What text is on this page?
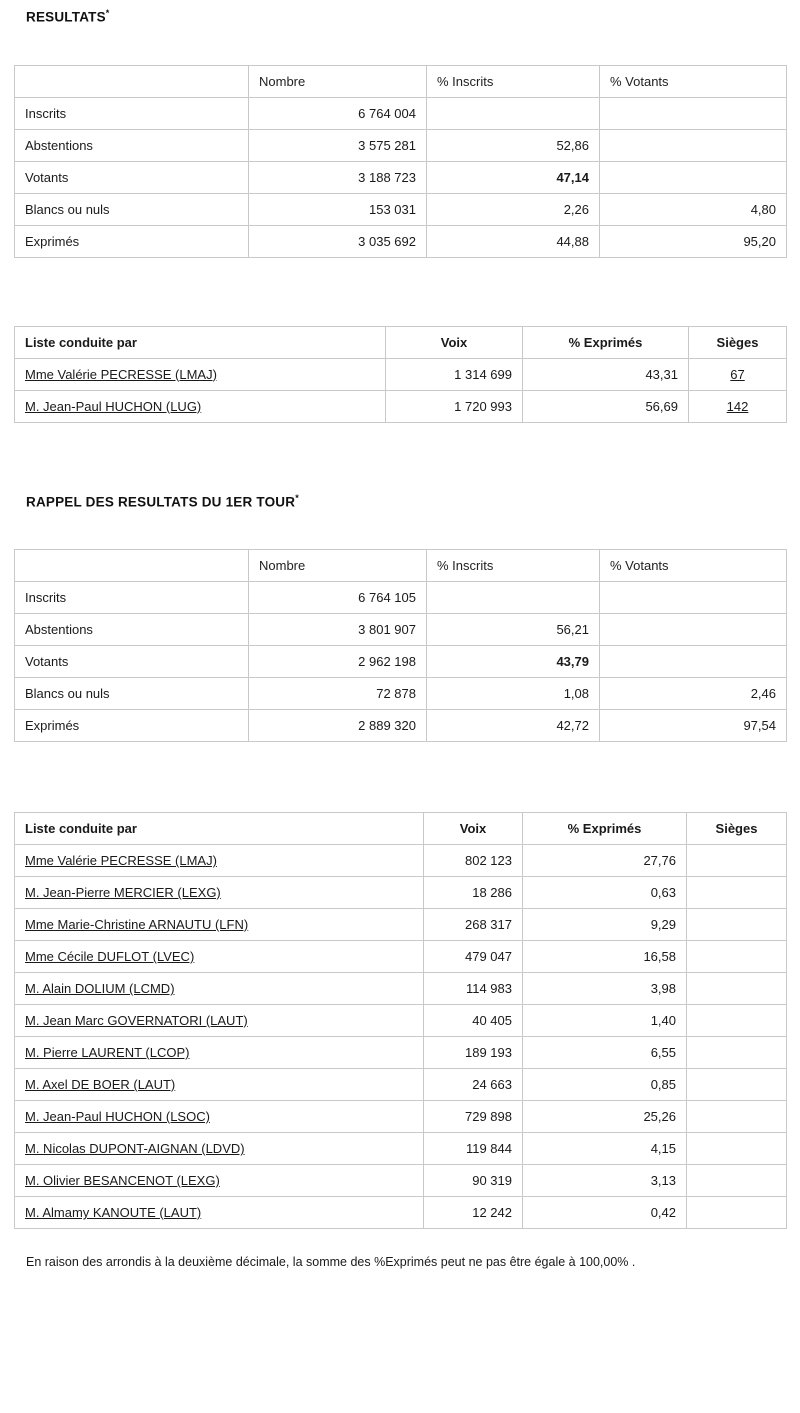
RESULTATS*
	Nombre	% Inscrits	% Votants
Inscrits	6 764 004		
Abstentions	3 575 281	52,86	
Votants	3 188 723	47,14	
Blancs ou nuls	153 031	2,26	4,80
Exprimés	3 035 692	44,88	95,20
Liste conduite par	Voix	% Exprimés	Sièges
Mme Valérie PECRESSE (LMAJ)	1 314 699	43,31	67
M. Jean-Paul HUCHON (LUG)	1 720 993	56,69	142
RAPPEL DES RESULTATS DU 1ER TOUR*
	Nombre	% Inscrits	% Votants
Inscrits	6 764 105		
Abstentions	3 801 907	56,21	
Votants	2 962 198	43,79	
Blancs ou nuls	72 878	1,08	2,46
Exprimés	2 889 320	42,72	97,54
Liste conduite par	Voix	% Exprimés	Sièges
Mme Valérie PECRESSE (LMAJ)	802 123	27,76	
M. Jean-Pierre MERCIER (LEXG)	18 286	0,63	
Mme Marie-Christine ARNAUTU (LFN)	268 317	9,29	
Mme Cécile DUFLOT (LVEC)	479 047	16,58	
M. Alain DOLIUM (LCMD)	114 983	3,98	
M. Jean Marc GOVERNATORI (LAUT)	40 405	1,40	
M. Pierre LAURENT (LCOP)	189 193	6,55	
M. Axel DE BOER (LAUT)	24 663	0,85	
M. Jean-Paul HUCHON (LSOC)	729 898	25,26	
M. Nicolas DUPONT-AIGNAN (LDVD)	119 844	4,15	
M. Olivier BESANCENOT (LEXG)	90 319	3,13	
M. Almamy KANOUTE (LAUT)	12 242	0,42	
En raison des arrondis à la deuxième décimale, la somme des %Exprimés peut ne pas être égale à 100,00% .
